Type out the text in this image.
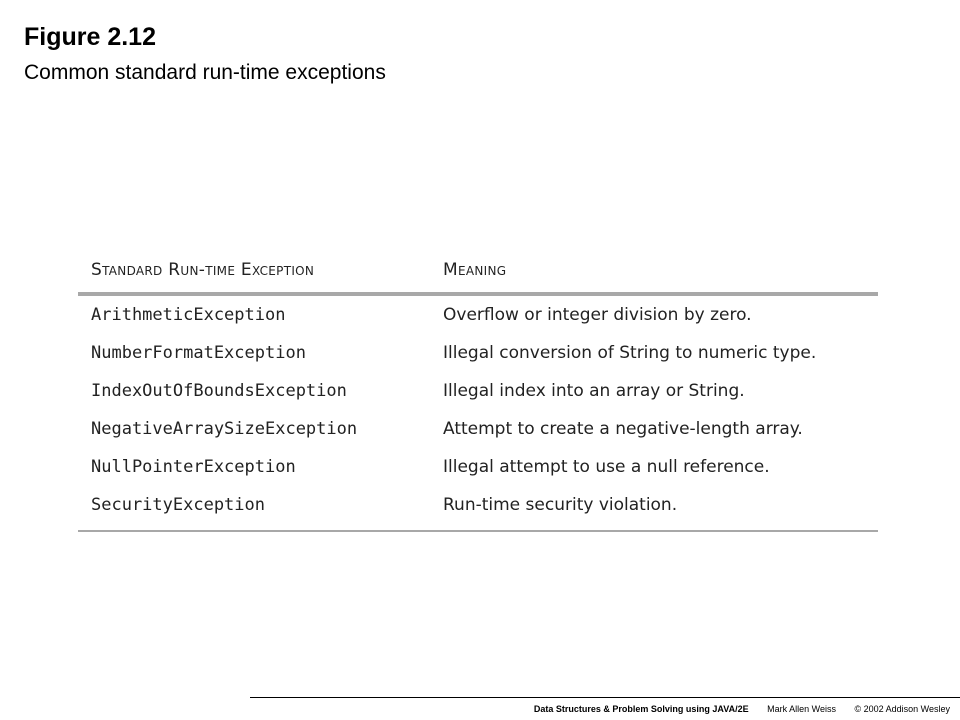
Figure 2.12
Common standard run-time exceptions
Standard Run-time Exception	Meaning
ArithmeticException	Overflow or integer division by zero.
NumberFormatException	Illegal conversion of String to numeric type.
IndexOutOfBoundsException	Illegal index into an array or String.
NegativeArraySizeException	Attempt to create a negative-length array.
NullPointerException	Illegal attempt to use a null reference.
SecurityException	Run-time security violation.
Data Structures & Problem Solving using JAVA/2E Mark Allen Weiss © 2002 Addison Wesley
